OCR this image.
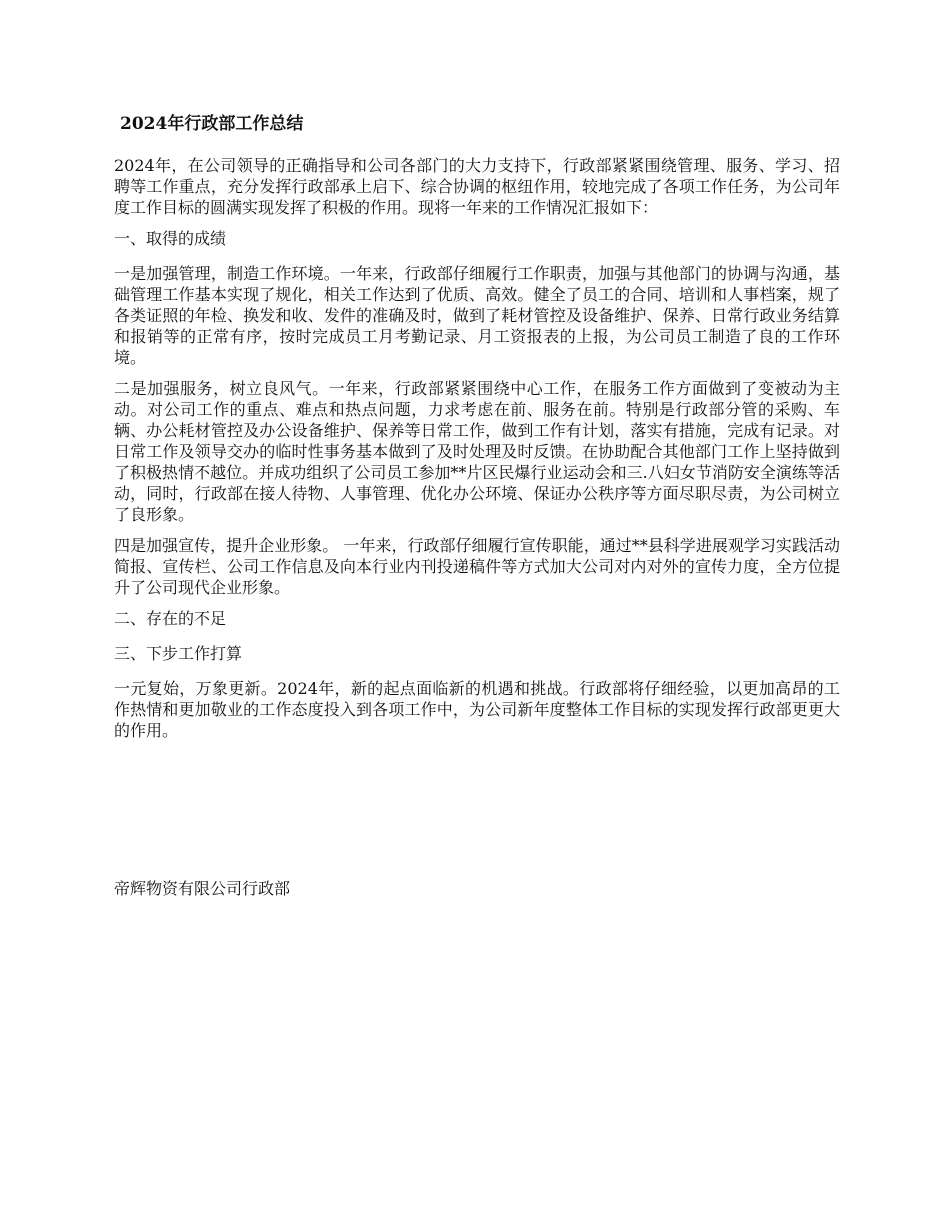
2024年行政部工作总结

2024年，在公司领导的正确指导和公司各部门的大力支持下，行政部紧紧围绕管理、服务、学习、招聘等工作重点，充分发挥行政部承上启下、综合协调的枢纽作用，较地完成了各项工作任务，为公司年度工作目标的圆满实现发挥了积极的作用。现将一年来的工作情况汇报如下：

一、取得的成绩

一是加强管理，制造工作环境。一年来，行政部仔细履行工作职责，加强与其他部门的协调与沟通，基础管理工作基本实现了规化，相关工作达到了优质、高效。健全了员工的合同、培训和人事档案，规了各类证照的年检、换发和收、发件的准确及时，做到了耗材管控及设备维护、保养、日常行政业务结算和报销等的正常有序，按时完成员工月考勤记录、月工资报表的上报，为公司员工制造了良的工作环境。

二是加强服务，树立良风气。一年来，行政部紧紧围绕中心工作，在服务工作方面做到了变被动为主动。对公司工作的重点、难点和热点问题，力求考虑在前、服务在前。特别是行政部分管的采购、车辆、办公耗材管控及办公设备维护、保养等日常工作，做到工作有计划，落实有措施，完成有记录。对日常工作及领导交办的临时性事务基本做到了及时处理及时反馈。在协助配合其他部门工作上坚持做到了积极热情不越位。并成功组织了公司员工参加**片区民爆行业运动会和三.八妇女节消防安全演练等活动，同时，行政部在接人待物、人事管理、优化办公环境、保证办公秩序等方面尽职尽责，为公司树立了良形象。

四是加强宣传，提升企业形象。 一年来，行政部仔细履行宣传职能，通过**县科学进展观学习实践活动简报、宣传栏、公司工作信息及向本行业内刊投递稿件等方式加大公司对内对外的宣传力度，全方位提升了公司现代企业形象。

二、存在的不足

三、下步工作打算

一元复始，万象更新。2024年，新的起点面临新的机遇和挑战。行政部将仔细经验，以更加高昂的工作热情和更加敬业的工作态度投入到各项工作中，为公司新年度整体工作目标的实现发挥行政部更更大的作用。

帝辉物资有限公司行政部
